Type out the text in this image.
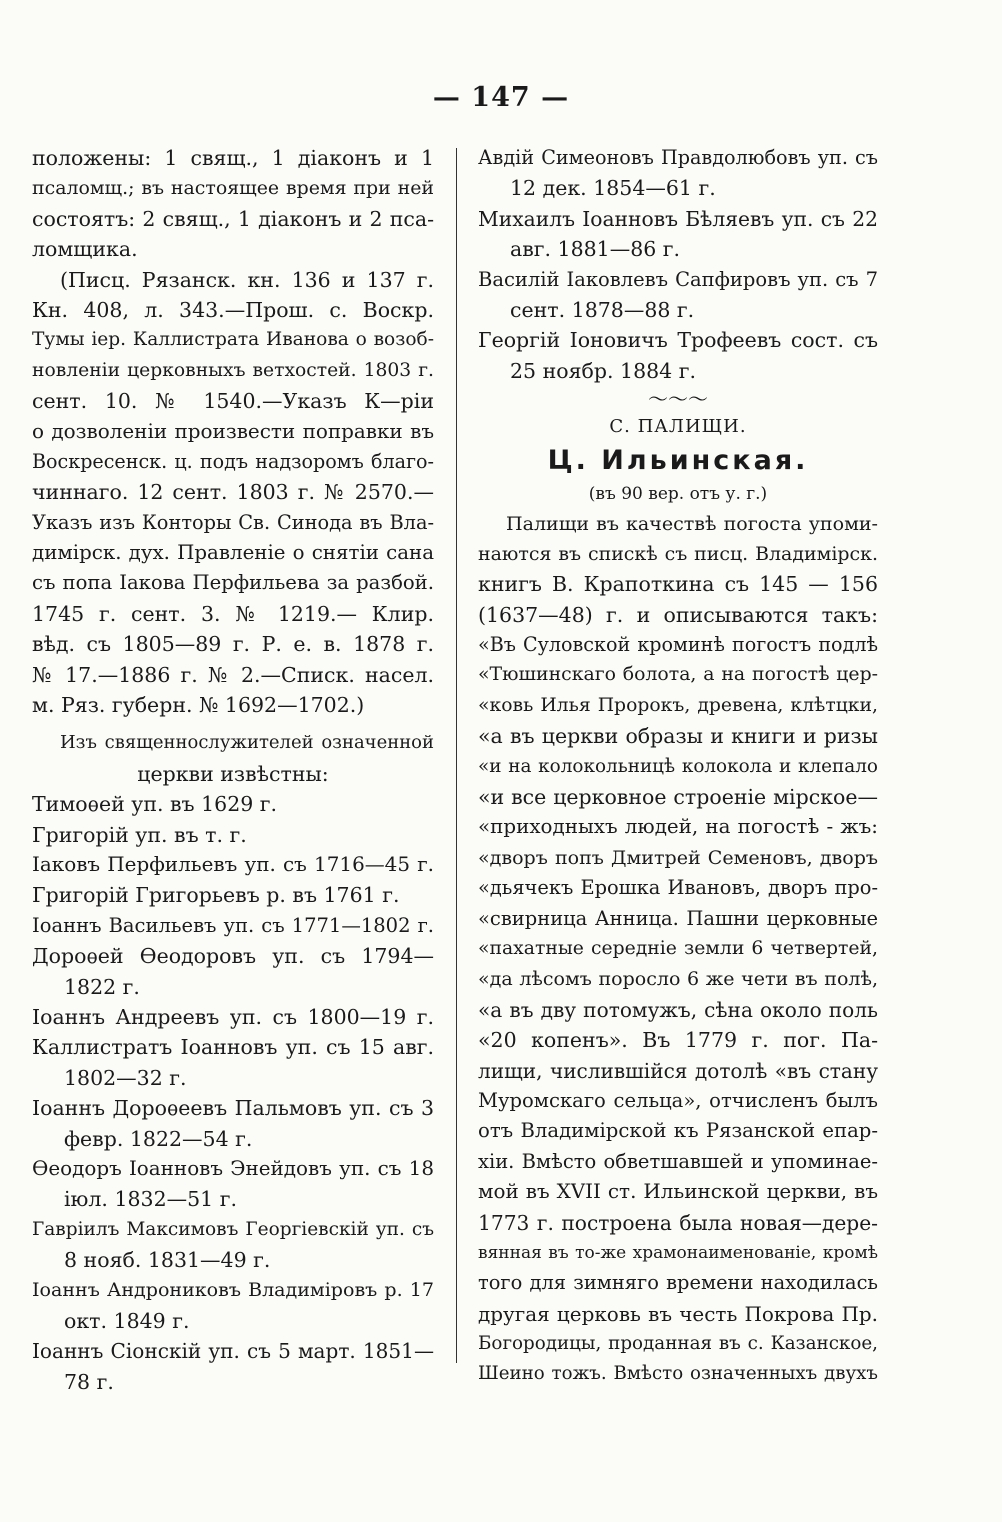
— 147 —
положены: 1 свящ., 1 діаконъ и 1
псаломщ.; въ настоящее время при ней
состоятъ: 2 свящ., 1 діаконъ и 2 пса-
ломщика.
(Писц. Рязанск. кн. 136 и 137 г.
Кн. 408, л. 343.—Прош. с. Воскр.
Тумы іер. Каллистрата Иванова о возоб-
новленіи церковныхъ ветхостей. 1803 г.
сент. 10. № 1540.—Указъ К—ріи
о дозволеніи произвести поправки въ
Воскресенск. ц. подъ надзоромъ благо-
чиннаго. 12 сент. 1803 г. № 2570.—
Указъ изъ Конторы Св. Синода въ Вла-
димірск. дух. Правленіе о снятіи сана
съ попа Іакова Перфильева за разбой.
1745 г. сент. 3. № 1219.— Клир.
вѣд. съ 1805—89 г. Р. е. в. 1878 г.
№ 17.—1886 г. № 2.—Списк. насел.
м. Ряз. губерн. № 1692—1702.)
Изъ священнослужителей означенной
церкви извѣстны:
Тимоѳей уп. въ 1629 г.
Григорій уп. въ т. г.
Іаковъ Перфильевъ уп. съ 1716—45 г.
Григорій Григорьевъ р. въ 1761 г.
Іоаннъ Васильевъ уп. съ 1771—1802 г.
Дороѳей Ѳеодоровъ уп. съ 1794—
1822 г.
Іоаннъ Андреевъ уп. съ 1800—19 г.
Каллистратъ Іоанновъ уп. съ 15 авг.
1802—32 г.
Іоаннъ Дороѳеевъ Пальмовъ уп. съ 3
февр. 1822—54 г.
Ѳеодоръ Іоанновъ Энейдовъ уп. съ 18
іюл. 1832—51 г.
Гавріилъ Максимовъ Георгіевскій уп. съ
8 нояб. 1831—49 г.
Іоаннъ Андрониковъ Владиміровъ р. 17
окт. 1849 г.
Іоаннъ Сіонскій уп. съ 5 март. 1851—
78 г.
Авдій Симеоновъ Правдолюбовъ уп. съ
12 дек. 1854—61 г.
Михаилъ Іоанновъ Бѣляевъ уп. съ 22
авг. 1881—86 г.
Василій Іаковлевъ Сапфировъ уп. съ 7
сент. 1878—88 г.
Георгій Іоновичъ Трофеевъ сост. съ
25 ноябр. 1884 г.
〜〜〜
С. ПАЛИЩИ.
Ц. Ильинская.
(въ 90 вер. отъ у. г.)
Палищи въ качествѣ погоста упоми-
наются въ спискѣ съ писц. Владимірск.
книгъ В. Крапоткина съ 145 — 156
(1637—48) г. и описываются такъ:
«Въ Суловской кроминѣ погостъ подлѣ
«Тюшинскаго болота, а на погостѣ цер-
«ковь Илья Пророкъ, древена, клѣтцки,
«а въ церкви образы и книги и ризы
«и на колокольницѣ колокола и клепало
«и все церковное строеніе мірское—
«приходныхъ людей, на погостѣ - жъ:
«дворъ попъ Дмитрей Семеновъ, дворъ
«дьячекъ Ерошка Ивановъ, дворъ про-
«свирница Анница. Пашни церковные
«пахатные середніе земли 6 четвертей,
«да лѣсомъ поросло 6 же чети въ полѣ,
«а въ дву потомужъ, сѣна около поль
«20 копенъ». Въ 1779 г. пог. Па-
лищи, числившійся дотолѣ «въ стану
Муромскаго сельца», отчисленъ былъ
отъ Владимірской къ Рязанской епар-
хіи. Вмѣсто обветшавшей и упоминае-
мой въ XVII ст. Ильинской церкви, въ
1773 г. построена была новая—дере-
вянная въ то-же храмонаименованіе, кромѣ
того для зимняго времени находилась
другая церковь въ честь Покрова Пр.
Богородицы, проданная въ с. Казанское,
Шеино тожъ. Вмѣсто означенныхъ двухъ
